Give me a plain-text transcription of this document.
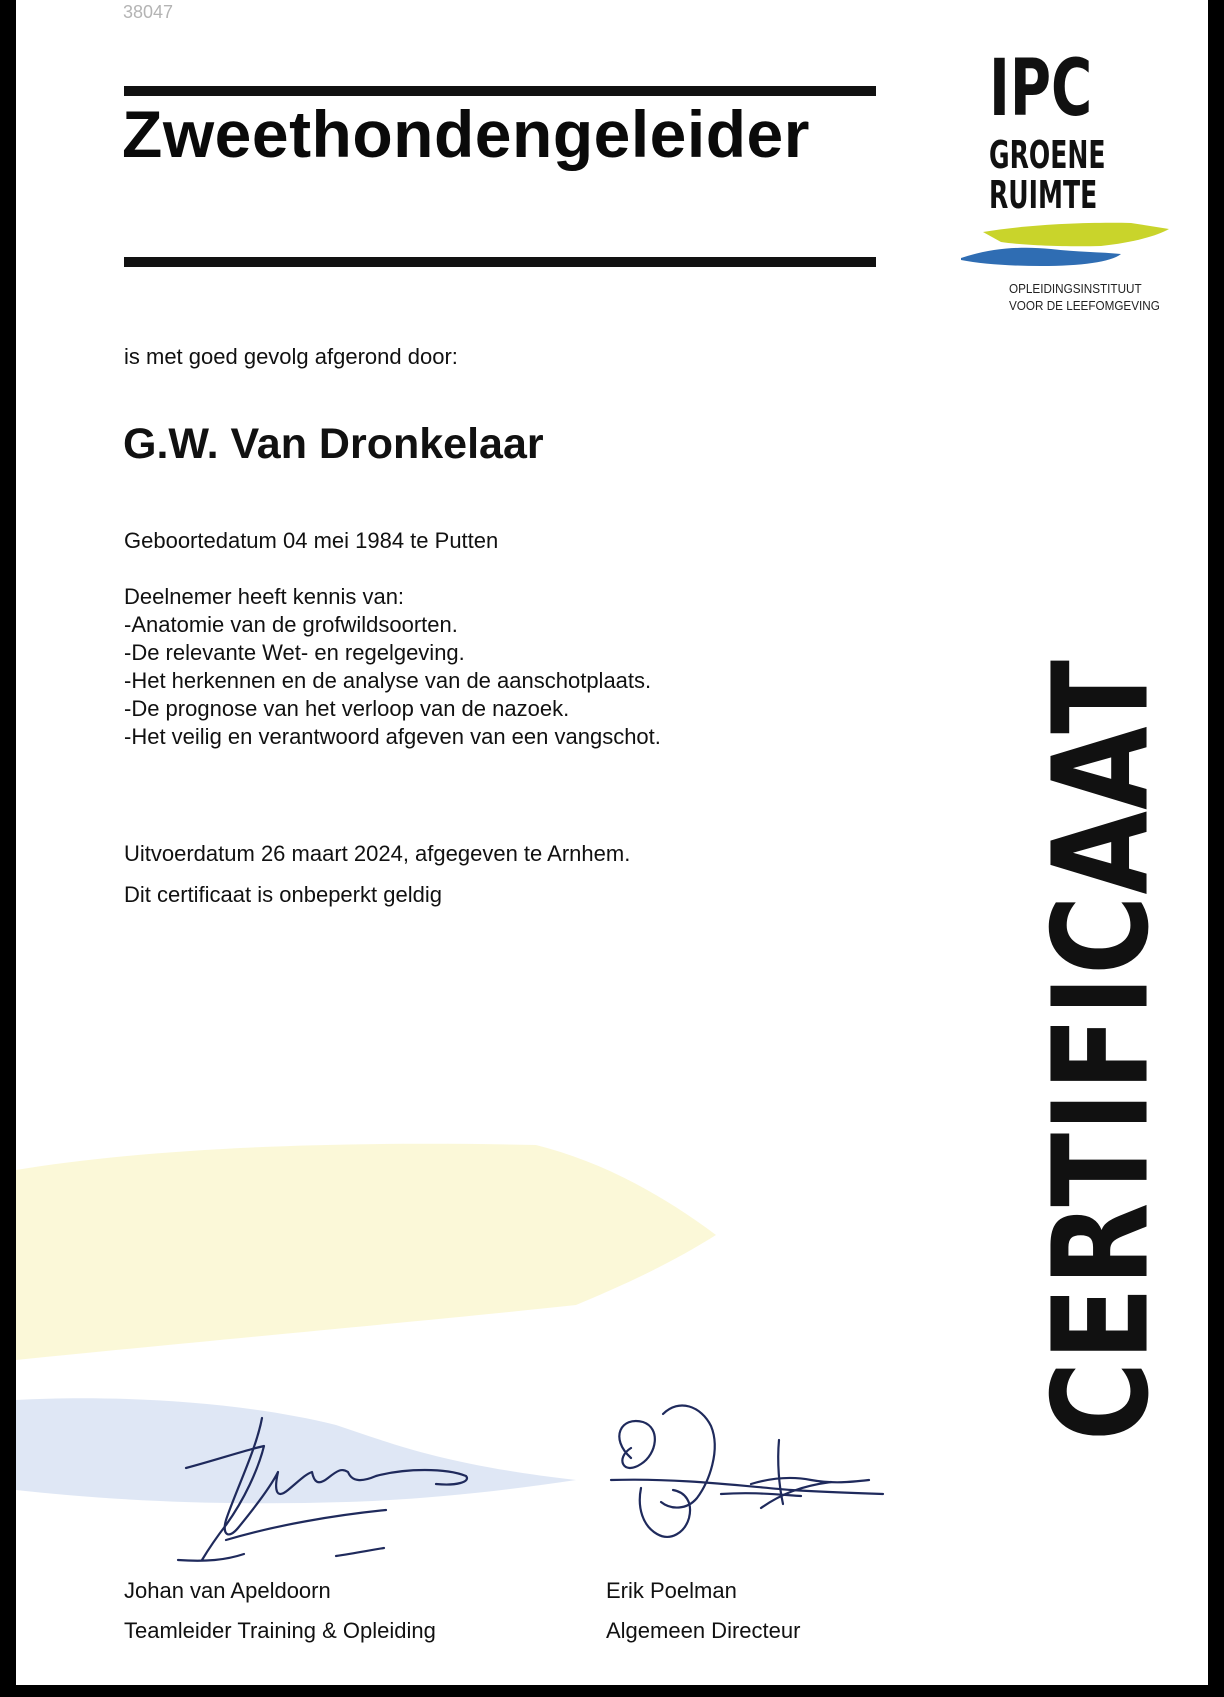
38047
Zweethondengeleider IPC
GROENE
RUIMTE
OPLEIDINGSINSTITUUT
VOOR DE LEEFOMGEVING
is met goed gevolg afgerond door:
G.W. Van Dronkelaar
Geboortedatum 04 mei 1984 te Putten
Deelnemer heeft kennis van:
-Anatomie van de grofwildsoorten.
-De relevante Wet- en regelgeving.
-Het herkennen en de analyse van de aanschotplaats.
-De prognose van het verloop van de nazoek.
-Het veilig en verantwoord afgeven van een vangschot.
Uitvoerdatum 26 maart 2024, afgegeven te Arnhem.
Dit certificaat is onbeperkt geldig	CERTIFICAAT
Johan van Apeldoorn
Teamleider Training & Opleiding
Erik Poelman
Algemeen Directeur
